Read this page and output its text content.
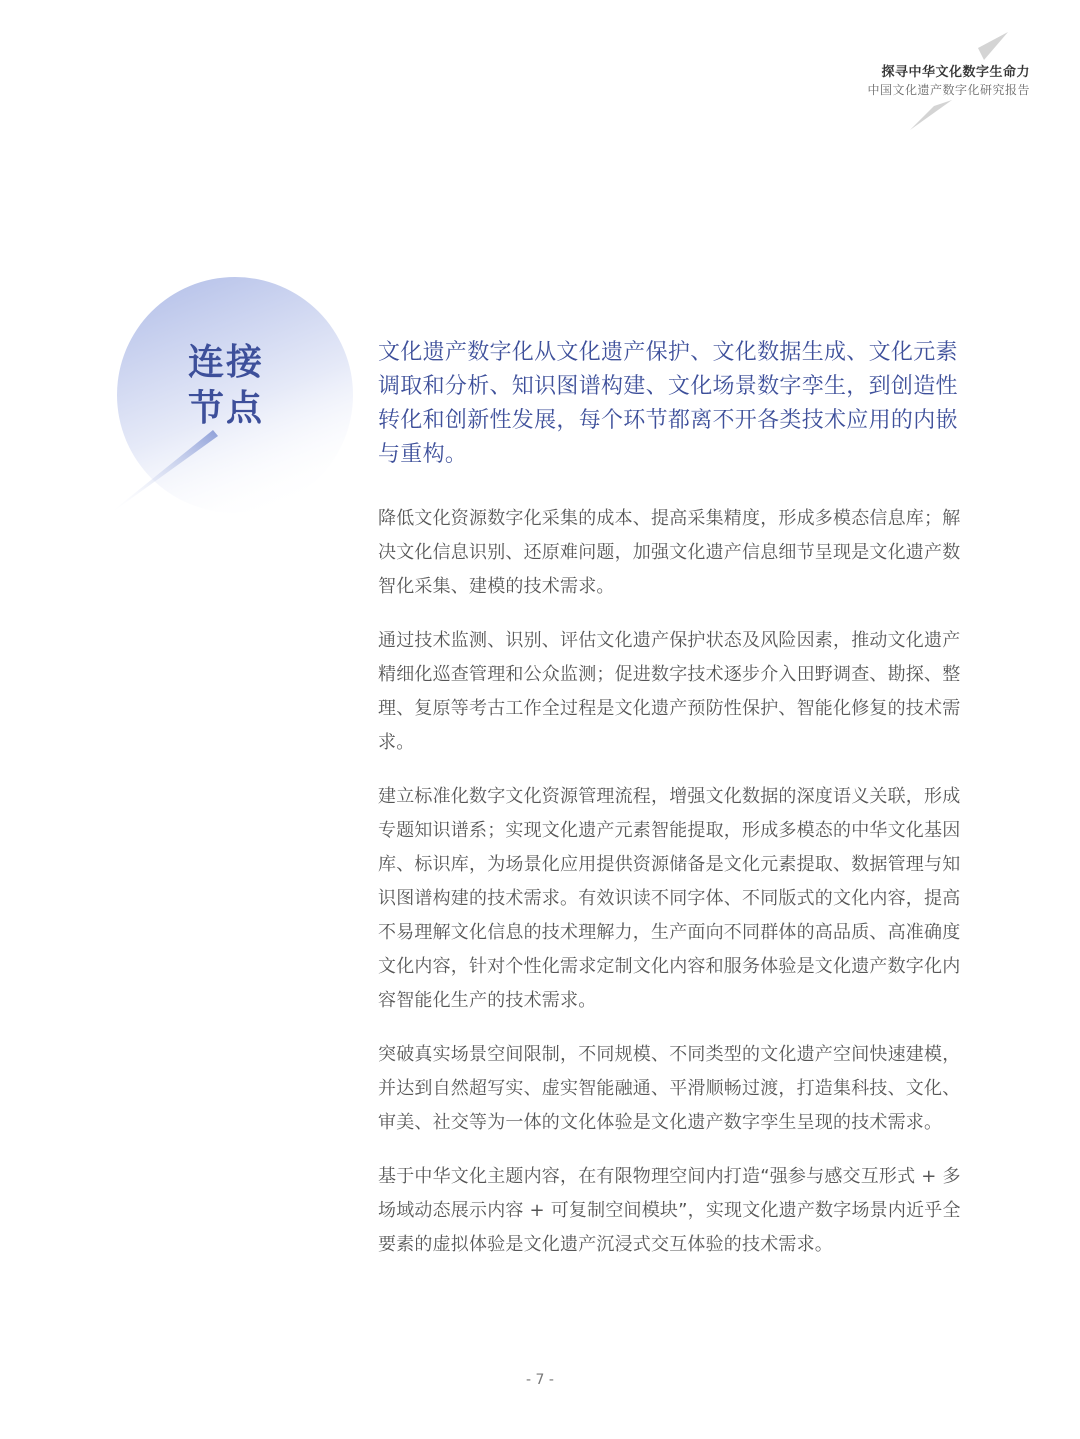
探寻中华文化数字生命力
中国文化遗产数字化研究报告
连接
节点

文化遗产数字化从文化遗产保护、文化数据生成、文化元素调取和分析、知识图谱构建、文化场景数字孪生，到创造性转化和创新性发展，每个环节都离不开各类技术应用的内嵌与重构。

降低文化资源数字化采集的成本、提高采集精度，形成多模态信息库；解决文化信息识别、还原难问题，加强文化遗产信息细节呈现是文化遗产数智化采集、建模的技术需求。

通过技术监测、识别、评估文化遗产保护状态及风险因素，推动文化遗产精细化巡查管理和公众监测；促进数字技术逐步介入田野调查、勘探、整理、复原等考古工作全过程是文化遗产预防性保护、智能化修复的技术需求。

建立标准化数字文化资源管理流程，增强文化数据的深度语义关联，形成专题知识谱系；实现文化遗产元素智能提取，形成多模态的中华文化基因库、标识库，为场景化应用提供资源储备是文化元素提取、数据管理与知识图谱构建的技术需求。有效识读不同字体、不同版式的文化内容，提高不易理解文化信息的技术理解力，生产面向不同群体的高品质、高准确度文化内容，针对个性化需求定制文化内容和服务体验是文化遗产数字化内容智能化生产的技术需求。

突破真实场景空间限制，不同规模、不同类型的文化遗产空间快速建模，并达到自然超写实、虚实智能融通、平滑顺畅过渡，打造集科技、文化、审美、社交等为一体的文化体验是文化遗产数字孪生呈现的技术需求。

基于中华文化主题内容，在有限物理空间内打造“强参与感交互形式 + 多场域动态展示内容 + 可复制空间模块”，实现文化遗产数字场景内近乎全要素的虚拟体验是文化遗产沉浸式交互体验的技术需求。

- 7 -
